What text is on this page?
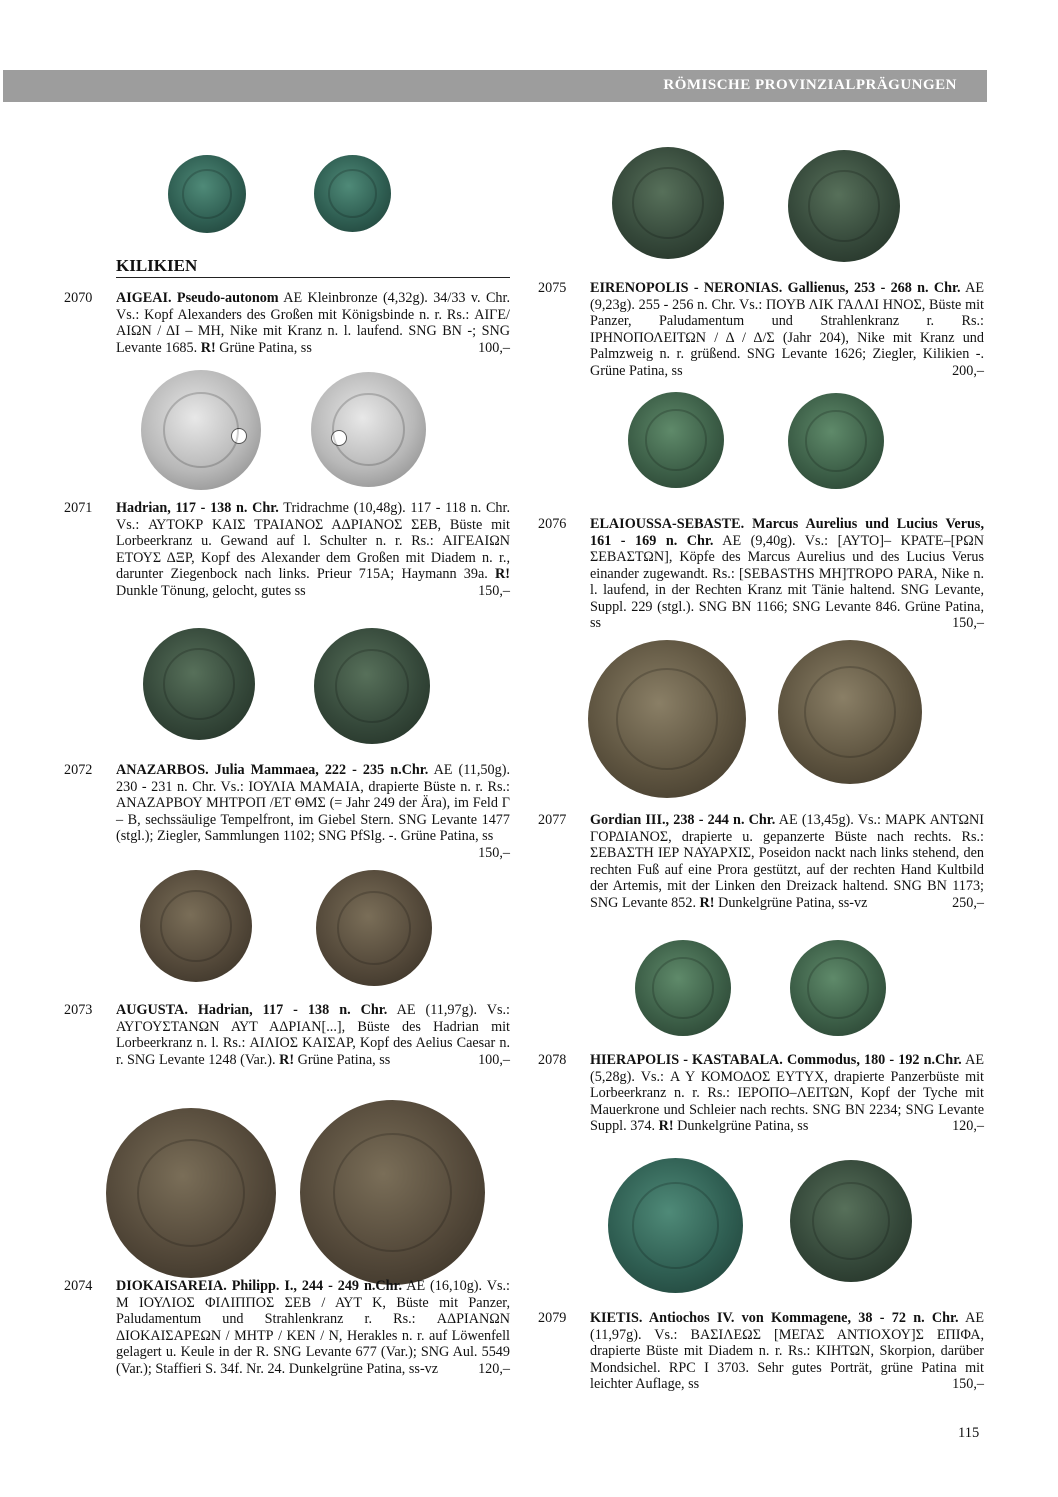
RÖMISCHE PROVINZIALPRÄGUNGEN
KILIKIEN
2070 AIGEAI. Pseudo-autonom AE Kleinbronze (4,32g). 34/33 v. Chr. Vs.: Kopf Alexanders des Großen mit Königsbinde n. r. Rs.: ΑΙΓΕ/ΑΙΩΝ / ΔΙ – ΜΗ, Nike mit Kranz n. l. laufend. SNG BN -; SNG Levante 1685. R! Grüne Patina, ss	100,–
2071 Hadrian, 117 - 138 n. Chr. Tridrachme (10,48g). 117 - 118 n. Chr. Vs.: ΑΥΤΟΚΡ ΚΑΙΣ ΤΡΑΙΑΝΟΣ ΑΔΡΙΑΝΟΣ ΣΕΒ, Büste mit Lorbeerkranz u. Gewand auf l. Schulter n. r. Rs.: ΑΙΓΕΑΙΩΝ ΕΤΟΥΣ ΔΞΡ, Kopf des Alexander dem Großen mit Diadem n. r., darunter Ziegenbock nach links. Prieur 715A; Haymann 39a. R! Dunkle Tönung, gelocht, gutes ss	150,–
2072 ANAZARBOS. Julia Mammaea, 222 - 235 n.Chr. AE (11,50g). 230 - 231 n. Chr. Vs.: ΙΟΥΛΙΑ ΜΑΜΑΙΑ, drapierte Büste n. r. Rs.: ΑΝΑΖΑΡΒΟΥ ΜΗΤΡΟΠ /ΕΤ ΘΜΣ (= Jahr 249 der Ära), im Feld Γ – Β, sechssäulige Tempelfront, im Giebel Stern. SNG Levante 1477 (stgl.); Ziegler, Sammlungen 1102; SNG PfSlg. -. Grüne Patina, ss
150,–
2073 AUGUSTA. Hadrian, 117 - 138 n. Chr. AE (11,97g). Vs.: ΑΥΓΟΥΣΤΑΝΩΝ ΑΥΤ ΑΔΡΙΑΝ[...], Büste des Hadrian mit Lorbeerkranz n. l. Rs.: ΑΙΛΙΟΣ ΚΑΙΣΑΡ, Kopf des Aelius Caesar n. r. SNG Levante 1248 (Var.). R! Grüne Patina, ss	100,–
2074 DIOKAISAREIA. Philipp. I., 244 - 249 n.Chr. AE (16,10g). Vs.: Μ ΙΟΥΛΙΟΣ ΦΙΛΙΠΠΟΣ ΣΕΒ / ΑΥΤ Κ, Büste mit Panzer, Paludamentum und Strahlenkranz r. Rs.: ΑΔΡΙΑΝΩΝ ΔΙΟΚΑΙΣΑΡΕΩΝ / ΜΗΤΡ / ΚΕΝ / Ν, Herakles n. r. auf Löwenfell gelagert u. Keule in der R. SNG Levante 677 (Var.); SNG Aul. 5549 (Var.); Staffieri S. 34f. Nr. 24. Dunkelgrüne Patina, ss-vz	120,–
2075 EIRENOPOLIS - NERONIAS. Gallienus, 253 - 268 n. Chr. AE (9,23g). 255 - 256 n. Chr. Vs.: ΠΟΥΒ ΛΙΚ ΓΑΛΛΙ ΗΝΟΣ, Büste mit Panzer, Paludamentum und Strahlenkranz r. Rs.: ΙΡΗΝΟΠΟΛΕΙΤΩΝ / Δ / Δ/Σ (Jahr 204), Nike mit Kranz und Palmzweig n. r. grüßend. SNG Levante 1626; Ziegler, Kilikien -. Grüne Patina, ss	200,–
2076 ELAIOUSSA-SEBASTE. Marcus Aurelius und Lucius Verus, 161 - 169 n. Chr. AE (9,40g). Vs.: [ΑΥΤΟ]– ΚΡΑΤΕ–[ΡΩΝ ΣΕΒΑΣΤΩΝ], Köpfe des Marcus Aurelius und des Lucius Verus einander zugewandt. Rs.: [SEBASTHS MH]TROPO PARA, Nike n. l. laufend, in der Rechten Kranz mit Tänie haltend. SNG Levante, Suppl. 229 (stgl.). SNG BN 1166; SNG Levante 846. Grüne Patina, ss	150,–
2077 Gordian III., 238 - 244 n. Chr. AE (13,45g). Vs.: ΜΑΡΚ ΑΝΤΩΝΙ ΓΟΡΔΙΑΝΟΣ, drapierte u. gepanzerte Büste nach rechts. Rs.: ΣΕΒΑΣΤΗ ΙΕΡ ΝΑΥΑΡΧΙΣ, Poseidon nackt nach links stehend, den rechten Fuß auf eine Prora gestützt, auf der rechten Hand Kultbild der Artemis, mit der Linken den Dreizack haltend. SNG BN 1173; SNG Levante 852. R! Dunkelgrüne Patina, ss-vz	250,–
2078 HIERAPOLIS - KASTABALA. Commodus, 180 - 192 n.Chr. AE (5,28g). Vs.: Α Υ ΚΟΜΟΔΟΣ ΕΥΤΥΧ, drapierte Panzerbüste mit Lorbeerkranz n. r. Rs.: ΙΕΡΟΠΟ–ΛΕΙΤΩΝ, Kopf der Tyche mit Mauerkrone und Schleier nach rechts. SNG BN 2234; SNG Levante Suppl. 374. R! Dunkelgrüne Patina, ss	120,–
2079 KIETIS. Antiochos IV. von Kommagene, 38 - 72 n. Chr. AE (11,97g). Vs.: ΒΑΣΙΛΕΩΣ [ΜΕΓΑΣ ΑΝΤΙΟΧΟΥ]Σ ΕΠΙΦΑ, drapierte Büste mit Diadem n. r. Rs.: ΚΙΗΤΩΝ, Skorpion, darüber Mondsichel. RPC I 3703. Sehr gutes Porträt, grüne Patina mit leichter Auflage, ss	150,–
115
